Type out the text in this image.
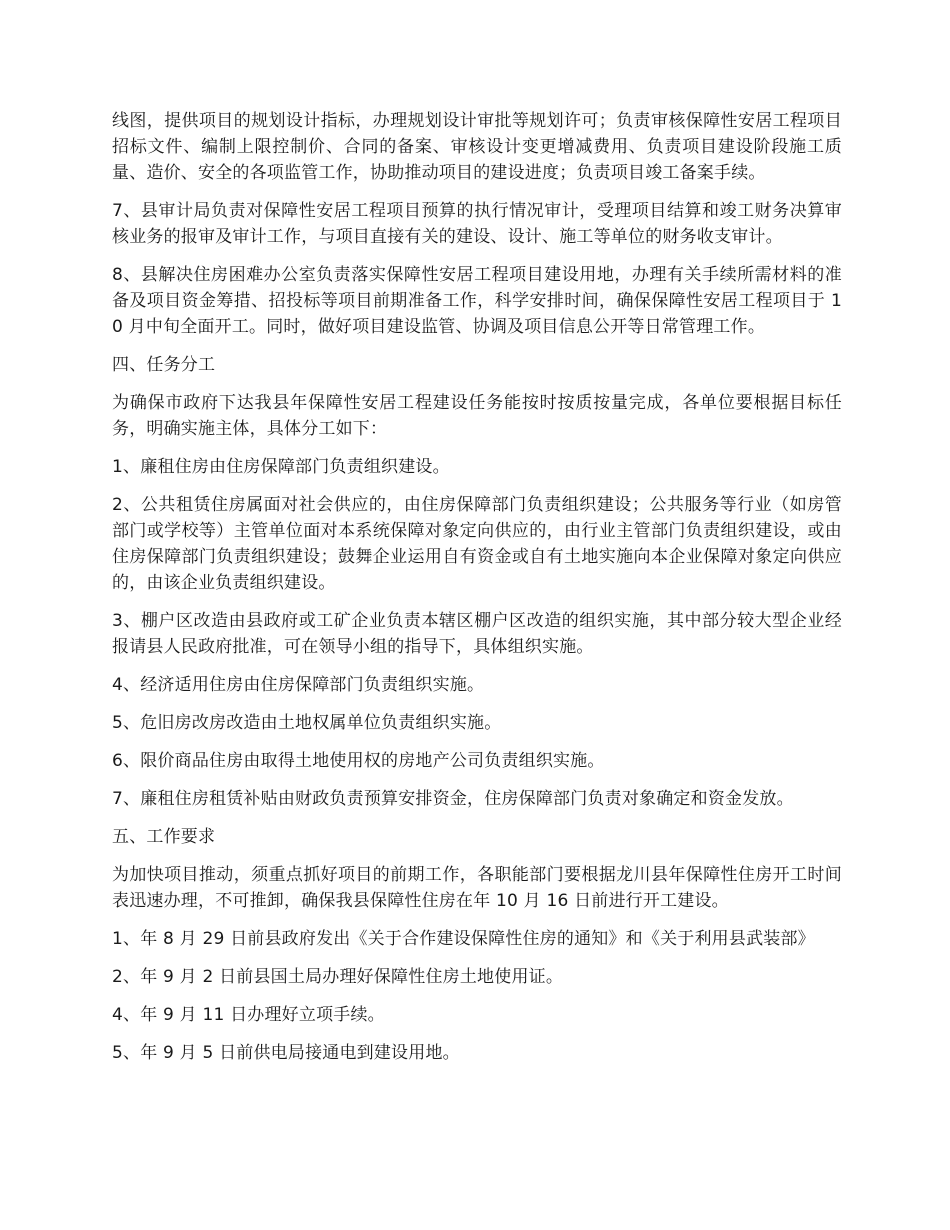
线图，提供项目的规划设计指标，办理规划设计审批等规划许可；负责审核保障性安居工程项目招标文件、编制上限控制价、合同的备案、审核设计变更增减费用、负责项目建设阶段施工质量、造价、安全的各项监管工作，协助推动项目的建设进度；负责项目竣工备案手续。

7、县审计局负责对保障性安居工程项目预算的执行情况审计，受理项目结算和竣工财务决算审核业务的报审及审计工作，与项目直接有关的建设、设计、施工等单位的财务收支审计。

8、县解决住房困难办公室负责落实保障性安居工程项目建设用地，办理有关手续所需材料的准备及项目资金筹措、招投标等项目前期准备工作，科学安排时间，确保保障性安居工程项目于 10 月中旬全面开工。同时，做好项目建设监管、协调及项目信息公开等日常管理工作。

四、任务分工

为确保市政府下达我县年保障性安居工程建设任务能按时按质按量完成，各单位要根据目标任务，明确实施主体，具体分工如下：

1、廉租住房由住房保障部门负责组织建设。

2、公共租赁住房属面对社会供应的，由住房保障部门负责组织建设；公共服务等行业（如房管部门或学校等）主管单位面对本系统保障对象定向供应的，由行业主管部门负责组织建设，或由住房保障部门负责组织建设；鼓舞企业运用自有资金或自有土地实施向本企业保障对象定向供应的，由该企业负责组织建设。

3、棚户区改造由县政府或工矿企业负责本辖区棚户区改造的组织实施，其中部分较大型企业经报请县人民政府批准，可在领导小组的指导下，具体组织实施。

4、经济适用住房由住房保障部门负责组织实施。

5、危旧房改房改造由土地权属单位负责组织实施。

6、限价商品住房由取得土地使用权的房地产公司负责组织实施。

7、廉租住房租赁补贴由财政负责预算安排资金，住房保障部门负责对象确定和资金发放。

五、工作要求

为加快项目推动，须重点抓好项目的前期工作，各职能部门要根据龙川县年保障性住房开工时间表迅速办理，不可推卸，确保我县保障性住房在年 10 月 16 日前进行开工建设。

1、年 8 月 29 日前县政府发出《关于合作建设保障性住房的通知》和《关于利用县武装部》

2、年 9 月 2 日前县国土局办理好保障性住房土地使用证。

4、年 9 月 11 日办理好立项手续。

5、年 9 月 5 日前供电局接通电到建设用地。
